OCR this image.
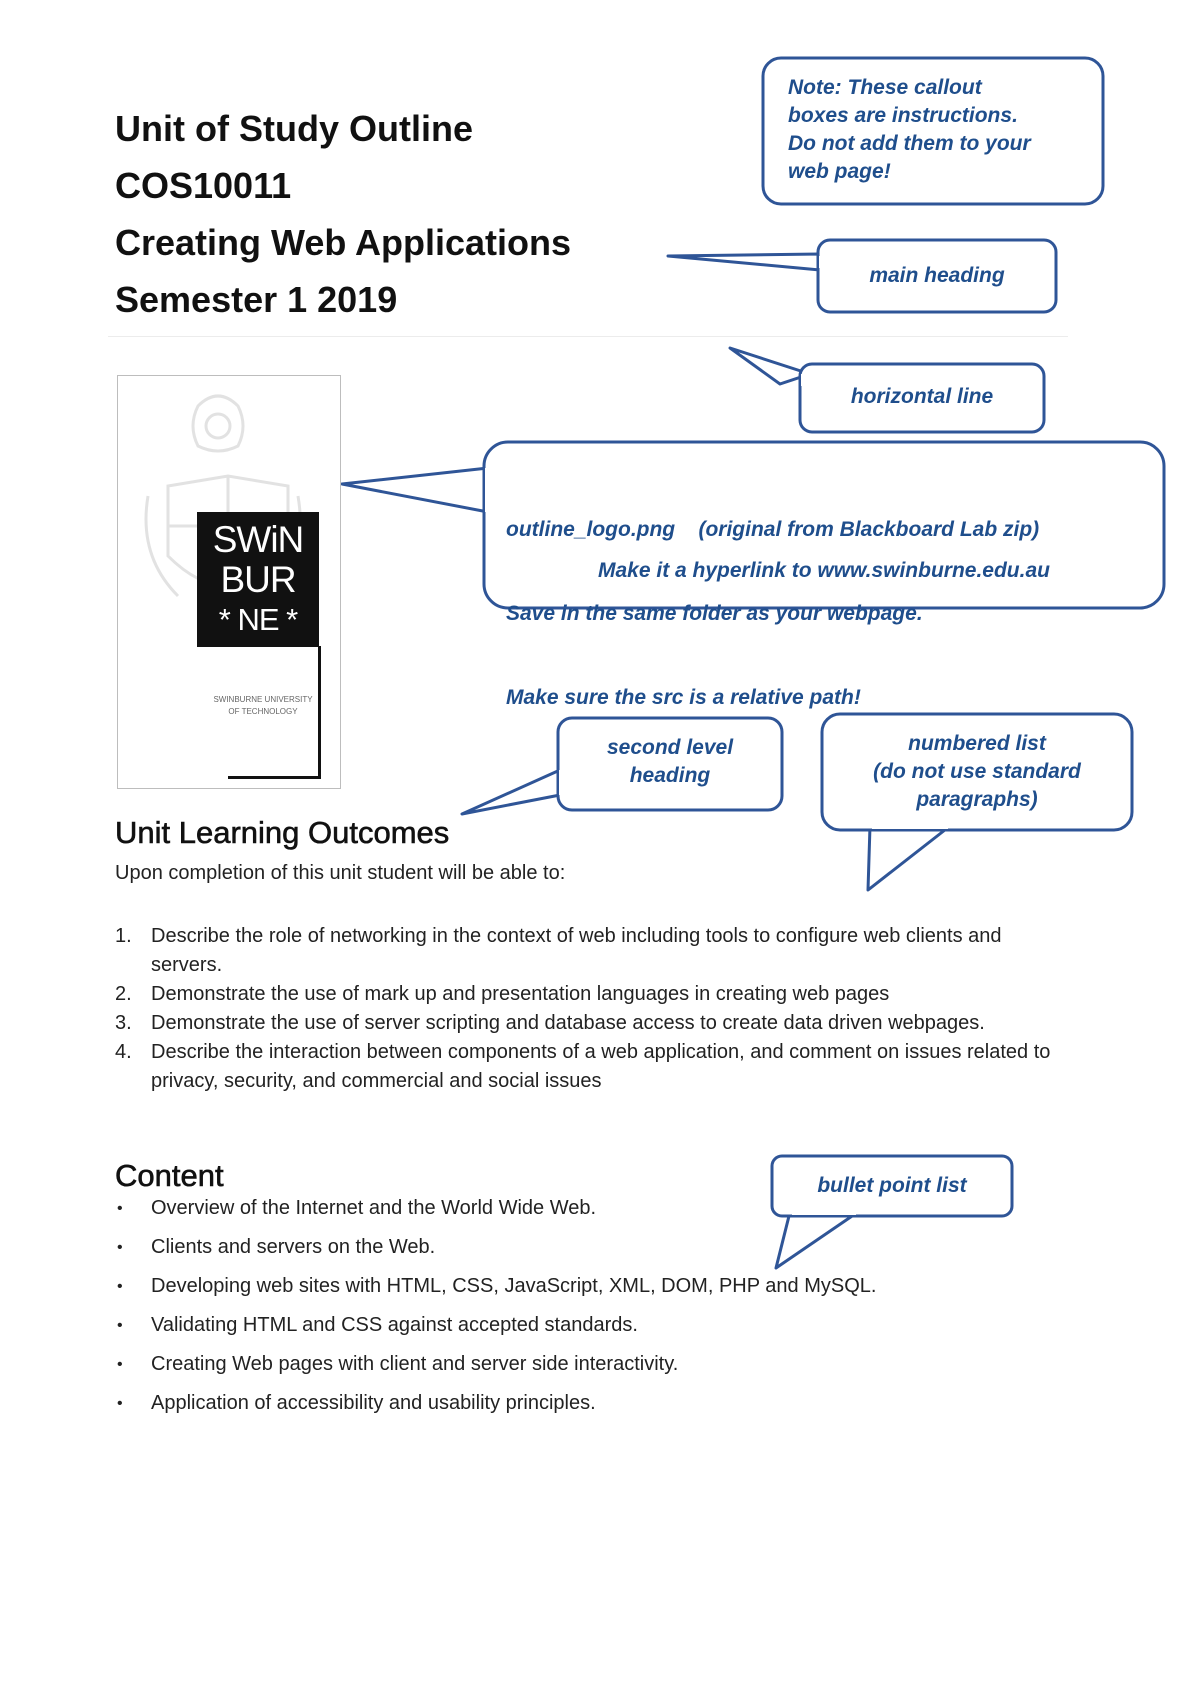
Unit of Study Outline
COS10011
Creating Web Applications
Semester 1 2019
SWiN
BUR
* NE *
SWINBURNE UNIVERSITY
OF TECHNOLOGY
Unit Learning Outcomes
Upon completion of this unit student will be able to:
1. Describe the role of networking in the context of web including tools to configure web clients and servers.
2. Demonstrate the use of mark up and presentation languages in creating web pages
3. Demonstrate the use of server scripting and database access to create data driven webpages.
4. Describe the interaction between components of a web application, and comment on issues related to privacy, security, and commercial and social issues
Content
• Overview of the Internet and the World Wide Web.
• Clients and servers on the Web.
• Developing web sites with HTML, CSS, JavaScript, XML, DOM, PHP and MySQL.
• Validating HTML and CSS against accepted standards.
• Creating Web pages with client and server side interactivity.
• Application of accessibility and usability principles.
Note: These callout
boxes are instructions.
Do not add them to your
web page!
main heading
horizontal line

outline_logo.png    (original from Blackboard Lab zip)

Save in the same folder as your webpage.

Make sure the src is a relative path!

Make it a hyperlink to www.swinburne.edu.au
second level
heading
numbered list
(do not use standard
paragraphs)
bullet point list
